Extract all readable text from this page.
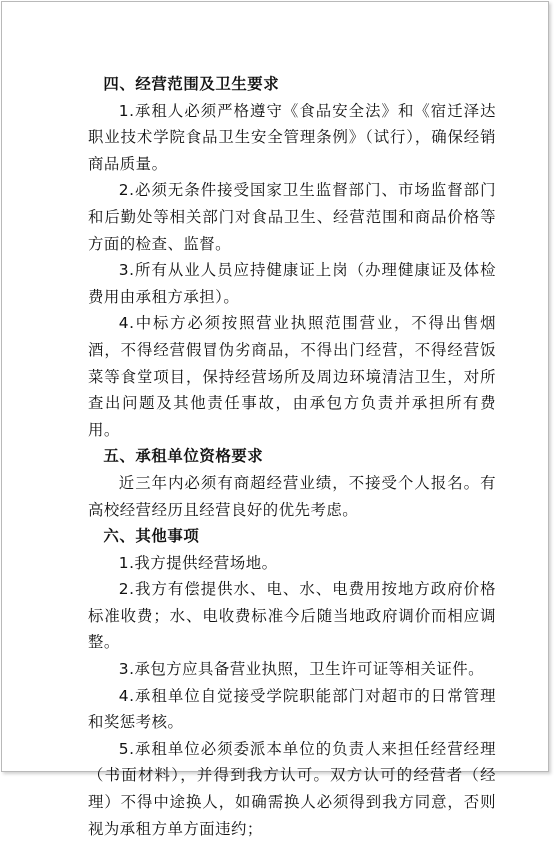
四、经营范围及卫生要求

1.承租人必须严格遵守《食品安全法》和《宿迁泽达职业技术学院食品卫生安全管理条例》（试行），确保经销商品质量。

2.必须无条件接受国家卫生监督部门、市场监督部门和后勤处等相关部门对食品卫生、经营范围和商品价格等方面的检查、监督。

3.所有从业人员应持健康证上岗（办理健康证及体检费用由承租方承担）。

4.中标方必须按照营业执照范围营业，不得出售烟酒，不得经营假冒伪劣商品，不得出门经营，不得经营饭菜等食堂项目，保持经营场所及周边环境清洁卫生，对所查出问题及其他责任事故，由承包方负责并承担所有费用。

五、承租单位资格要求

近三年内必须有商超经营业绩，不接受个人报名。有高校经营经历且经营良好的优先考虑。

六、其他事项

1.我方提供经营场地。

2.我方有偿提供水、电、水、电费用按地方政府价格标准收费；水、电收费标准今后随当地政府调价而相应调整。

3.承包方应具备营业执照，卫生许可证等相关证件。

4.承租单位自觉接受学院职能部门对超市的日常管理和奖惩考核。

5.承租单位必须委派本单位的负责人来担任经营经理（书面材料），并得到我方认可。双方认可的经营者（经理）不得中途换人，如确需换人必须得到我方同意，否则视为承租方单方面违约；
